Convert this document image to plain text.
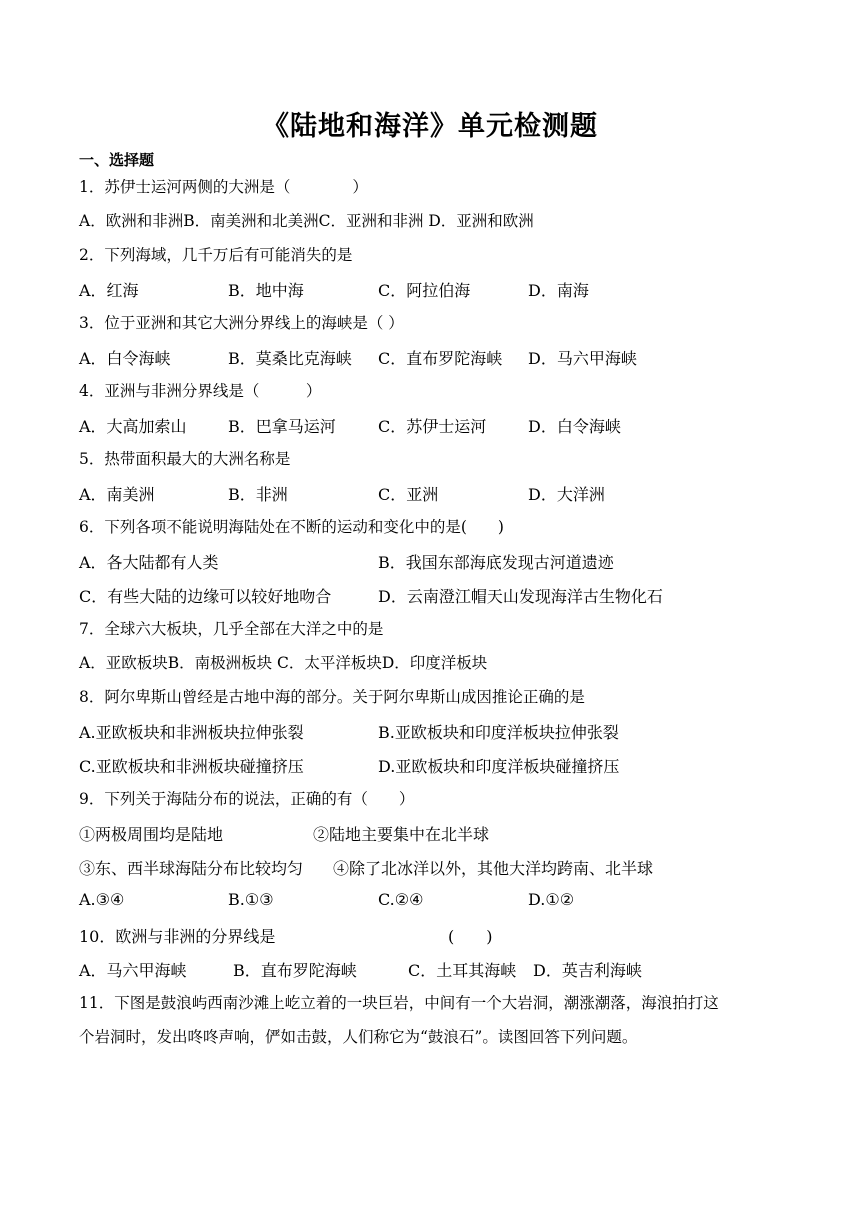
《陆地和海洋》单元检测题
一、选择题
1．苏伊士运河两侧的大洲是（　　　　）
A．欧洲和非洲B．南美洲和北美洲C．亚洲和非洲 D．亚洲和欧洲
2．下列海域，几千万后有可能消失的是
A．红海	B．地中海	C．阿拉伯海	D．南海
3．位于亚洲和其它大洲分界线上的海峡是（ ）
A．白令海峡	B．莫桑比克海峡 C．直布罗陀海峡 D．马六甲海峡
4．亚洲与非洲分界线是（　　　）
A．大高加索山	B．巴拿马运河	C．苏伊士运河	D．白令海峡
5．热带面积最大的大洲名称是
A．南美洲	B．非洲	C．亚洲	D．大洋洲
6．下列各项不能说明海陆处在不断的运动和变化中的是(　　)
A．各大陆都有人类	B．我国东部海底发现古河道遗迹
C．有些大陆的边缘可以较好地吻合	D．云南澄江帽天山发现海洋古生物化石
7．全球六大板块，几乎全部在大洋之中的是
A．亚欧板块B．南极洲板块 C．太平洋板块D．印度洋板块
8．阿尔卑斯山曾经是古地中海的部分。关于阿尔卑斯山成因推论正确的是
A.亚欧板块和非洲板块拉伸张裂	B.亚欧板块和印度洋板块拉伸张裂
C.亚欧板块和非洲板块碰撞挤压	D.亚欧板块和印度洋板块碰撞挤压
9．下列关于海陆分布的说法，正确的有（　　）
①两极周围均是陆地	②陆地主要集中在北半球
③东、西半球海陆分布比较均匀 ④除了北冰洋以外，其他大洋均跨南、北半球
A.③④	B.①③	C.②④	D.①②
10．欧洲与非洲的分界线是	(　　)
A．马六甲海峡	B．直布罗陀海峡	C．土耳其海峡 D．英吉利海峡
11．下图是鼓浪屿西南沙滩上屹立着的一块巨岩，中间有一个大岩洞，潮涨潮落，海浪拍打这
个岩洞时，发出咚咚声响，俨如击鼓，人们称它为“鼓浪石”。读图回答下列问题。
